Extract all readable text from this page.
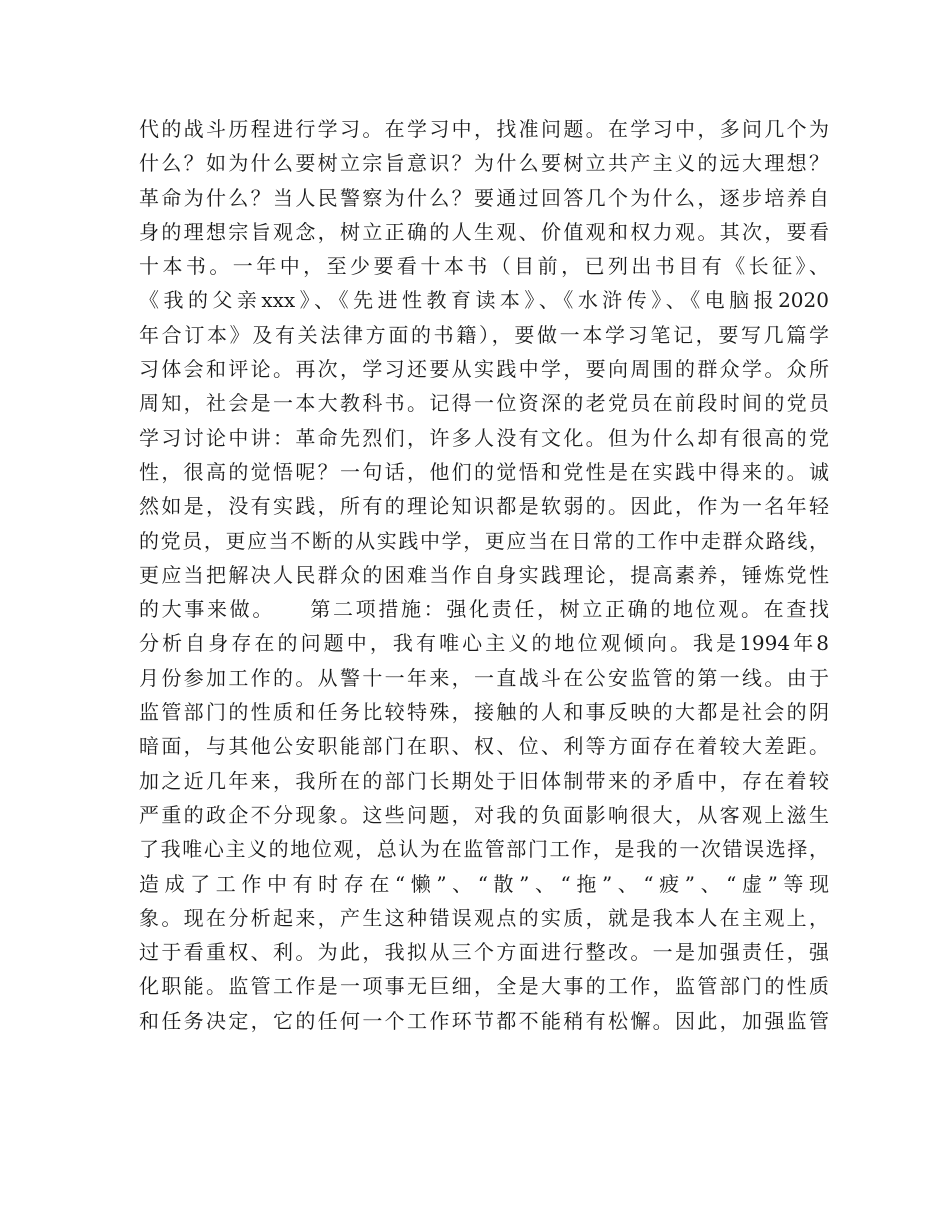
代的战斗历程进行学习。在学习中，找准问题。在学习中，多问几个为
什么？如为什么要树立宗旨意识？为什么要树立共产主义的远大理想？
革命为什么？当人民警察为什么？要通过回答几个为什么，逐步培养自
身的理想宗旨观念，树立正确的人生观、价值观和权力观。其次，要看
十本书。一年中，至少要看十本书（目前，已列出书目有《长征》、
《我的父亲xxx》、《先进性教育读本》、《水浒传》、《电脑报2020
年合订本》及有关法律方面的书籍），要做一本学习笔记，要写几篇学
习体会和评论。再次，学习还要从实践中学，要向周围的群众学。众所
周知，社会是一本大教科书。记得一位资深的老党员在前段时间的党员
学习讨论中讲：革命先烈们，许多人没有文化。但为什么却有很高的党
性，很高的觉悟呢？一句话，他们的觉悟和党性是在实践中得来的。诚
然如是，没有实践，所有的理论知识都是软弱的。因此，作为一名年轻
的党员，更应当不断的从实践中学，更应当在日常的工作中走群众路线，
更应当把解决人民群众的困难当作自身实践理论，提高素养，锤炼党性
的大事来做。　　第二项措施：强化责任，树立正确的地位观。在查找
分析自身存在的问题中，我有唯心主义的地位观倾向。我是1994年8
月份参加工作的。从警十一年来，一直战斗在公安监管的第一线。由于
监管部门的性质和任务比较特殊，接触的人和事反映的大都是社会的阴
暗面，与其他公安职能部门在职、权、位、利等方面存在着较大差距。
加之近几年来，我所在的部门长期处于旧体制带来的矛盾中，存在着较
严重的政企不分现象。这些问题，对我的负面影响很大，从客观上滋生
了我唯心主义的地位观，总认为在监管部门工作，是我的一次错误选择，
造成了工作中有时存在“懒”、“散”、“拖”、“疲”、“虚”等现
象。现在分析起来，产生这种错误观点的实质，就是我本人在主观上，
过于看重权、利。为此，我拟从三个方面进行整改。一是加强责任，强
化职能。监管工作是一项事无巨细，全是大事的工作，监管部门的性质
和任务决定，它的任何一个工作环节都不能稍有松懈。因此，加强监管
